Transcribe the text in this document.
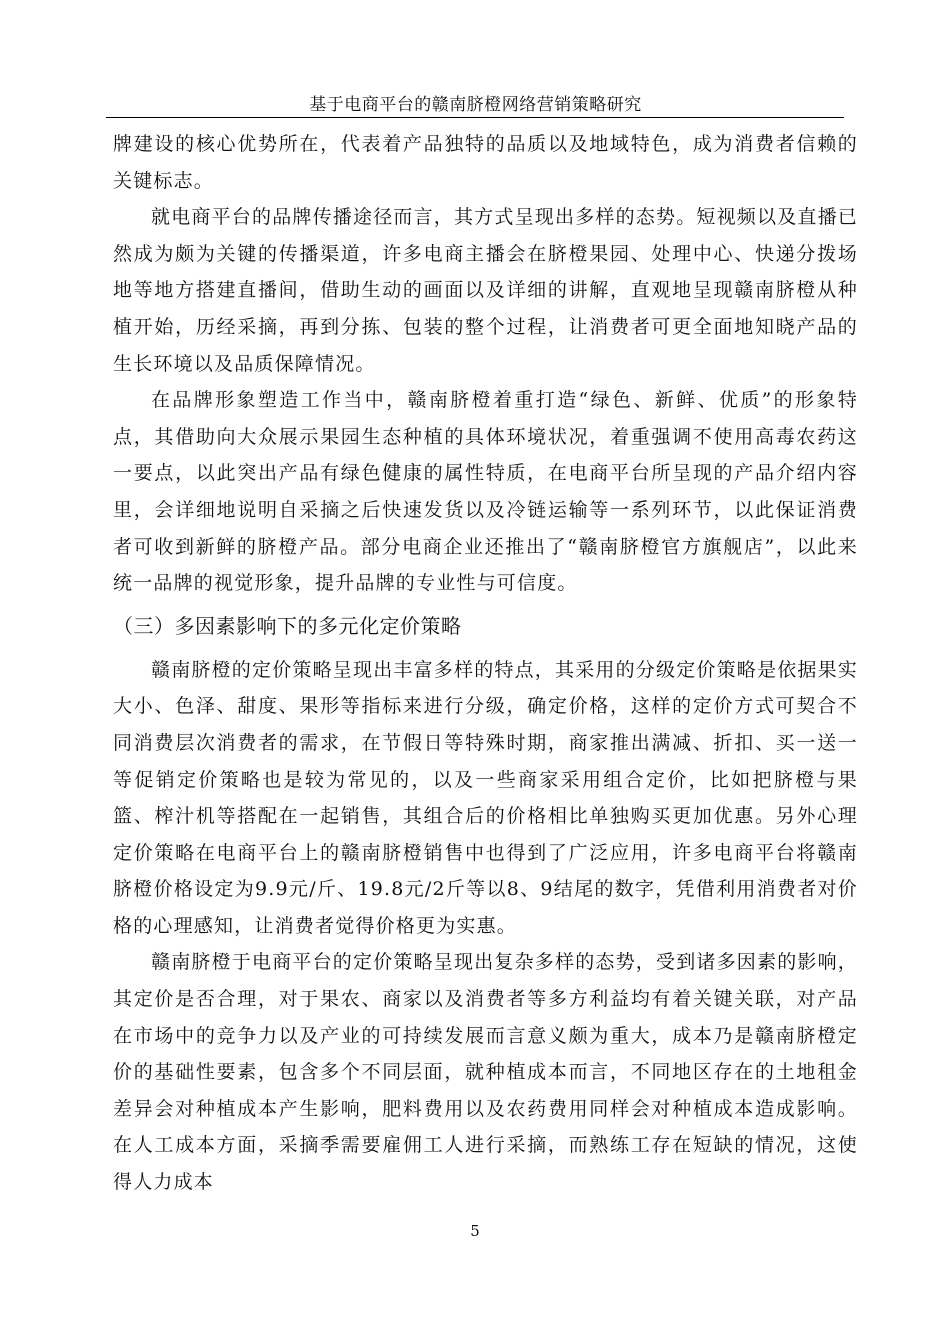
基于电商平台的赣南脐橙网络营销策略研究

牌建设的核心优势所在，代表着产品独特的品质以及地域特色，成为消费者信赖的关键标志。

就电商平台的品牌传播途径而言，其方式呈现出多样的态势。短视频以及直播已然成为颇为关键的传播渠道，许多电商主播会在脐橙果园、处理中心、快递分拨场地等地方搭建直播间，借助生动的画面以及详细的讲解，直观地呈现赣南脐橙从种植开始，历经采摘，再到分拣、包装的整个过程，让消费者可更全面地知晓产品的生长环境以及品质保障情况。

在品牌形象塑造工作当中，赣南脐橙着重打造“绿色、新鲜、优质”的形象特点，其借助向大众展示果园生态种植的具体环境状况，着重强调不使用高毒农药这一要点，以此突出产品有绿色健康的属性特质，在电商平台所呈现的产品介绍内容里，会详细地说明自采摘之后快速发货以及冷链运输等一系列环节，以此保证消费者可收到新鲜的脐橙产品。部分电商企业还推出了“赣南脐橙官方旗舰店”，以此来统一品牌的视觉形象，提升品牌的专业性与可信度。

（三）多因素影响下的多元化定价策略

赣南脐橙的定价策略呈现出丰富多样的特点，其采用的分级定价策略是依据果实大小、色泽、甜度、果形等指标来进行分级，确定价格，这样的定价方式可契合不同消费层次消费者的需求，在节假日等特殊时期，商家推出满减、折扣、买一送一等促销定价策略也是较为常见的，以及一些商家采用组合定价，比如把脐橙与果篮、榨汁机等搭配在一起销售，其组合后的价格相比单独购买更加优惠。另外心理定价策略在电商平台上的赣南脐橙销售中也得到了广泛应用，许多电商平台将赣南脐橙价格设定为9.9元/斤、19.8元/2斤等以8、9结尾的数字，凭借利用消费者对价格的心理感知，让消费者觉得价格更为实惠。

赣南脐橙于电商平台的定价策略呈现出复杂多样的态势，受到诸多因素的影响，其定价是否合理，对于果农、商家以及消费者等多方利益均有着关键关联，对产品在市场中的竞争力以及产业的可持续发展而言意义颇为重大，成本乃是赣南脐橙定价的基础性要素，包含多个不同层面，就种植成本而言，不同地区存在的土地租金差异会对种植成本产生影响，肥料费用以及农药费用同样会对种植成本造成影响。在人工成本方面，采摘季需要雇佣工人进行采摘，而熟练工存在短缺的情况，这使得人力成本

5
